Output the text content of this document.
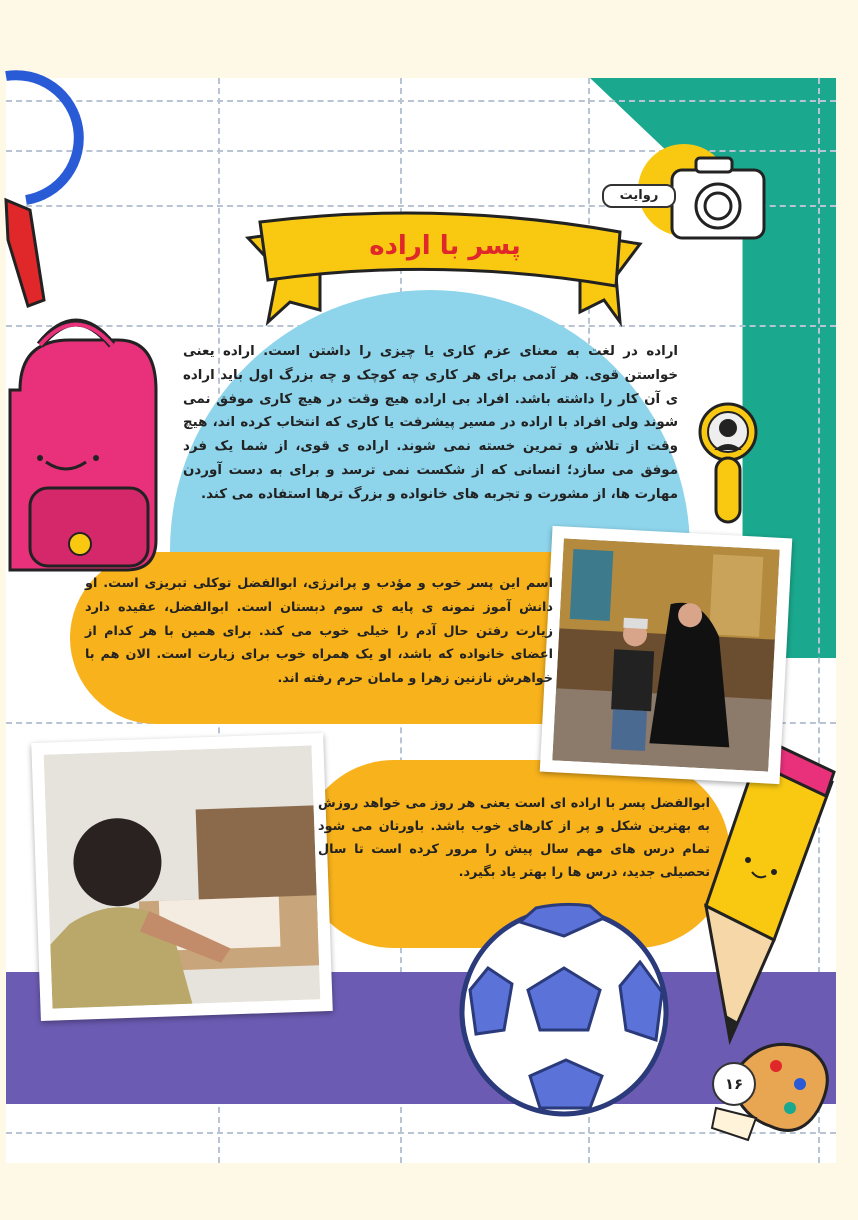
پسر با اراده
روایت
اراده در لغت به معنای عزم کاری یا چیزی را داشتن است. اراده یعنی خواستن قوی. هر آدمی برای هر کاری چه کوچک و چه بزرگ اول باید اراده ی آن کار را داشته باشد. افراد بی اراده هیچ وقت در هیچ کاری موفق نمی شوند ولی افراد با اراده در مسیر پیشرفت یا کاری که انتخاب کرده اند، هیچ وقت از تلاش و تمرین خسته نمی شوند. اراده ی قوی، از شما یک فرد موفق می سازد؛ انسانی که از شکست نمی ترسد و برای به دست آوردن مهارت ها، از مشورت و تجربه های خانواده و بزرگ ترها استفاده می کند.
اسم این پسر خوب و مؤدب و پرانرژی، ابوالفضل توکلی تبریزی است. او دانش آموز نمونه ی پایه ی سوم دبستان است. ابوالفضل، عقیده دارد زیارت رفتن حال آدم را خیلی خوب می کند. برای همین با هر کدام از اعضای خانواده که باشد، او یک همراه خوب برای زیارت است. الان هم با خواهرش نازنین زهرا و مامان حرم رفته اند.
ابوالفضل پسر با اراده ای است یعنی هر روز می خواهد روزش به بهترین شکل و پر از کارهای خوب باشد. باورتان می شود تمام درس های مهم سال پیش را مرور کرده است تا سال تحصیلی جدید، درس ها را بهتر یاد بگیرد.
۱۶
